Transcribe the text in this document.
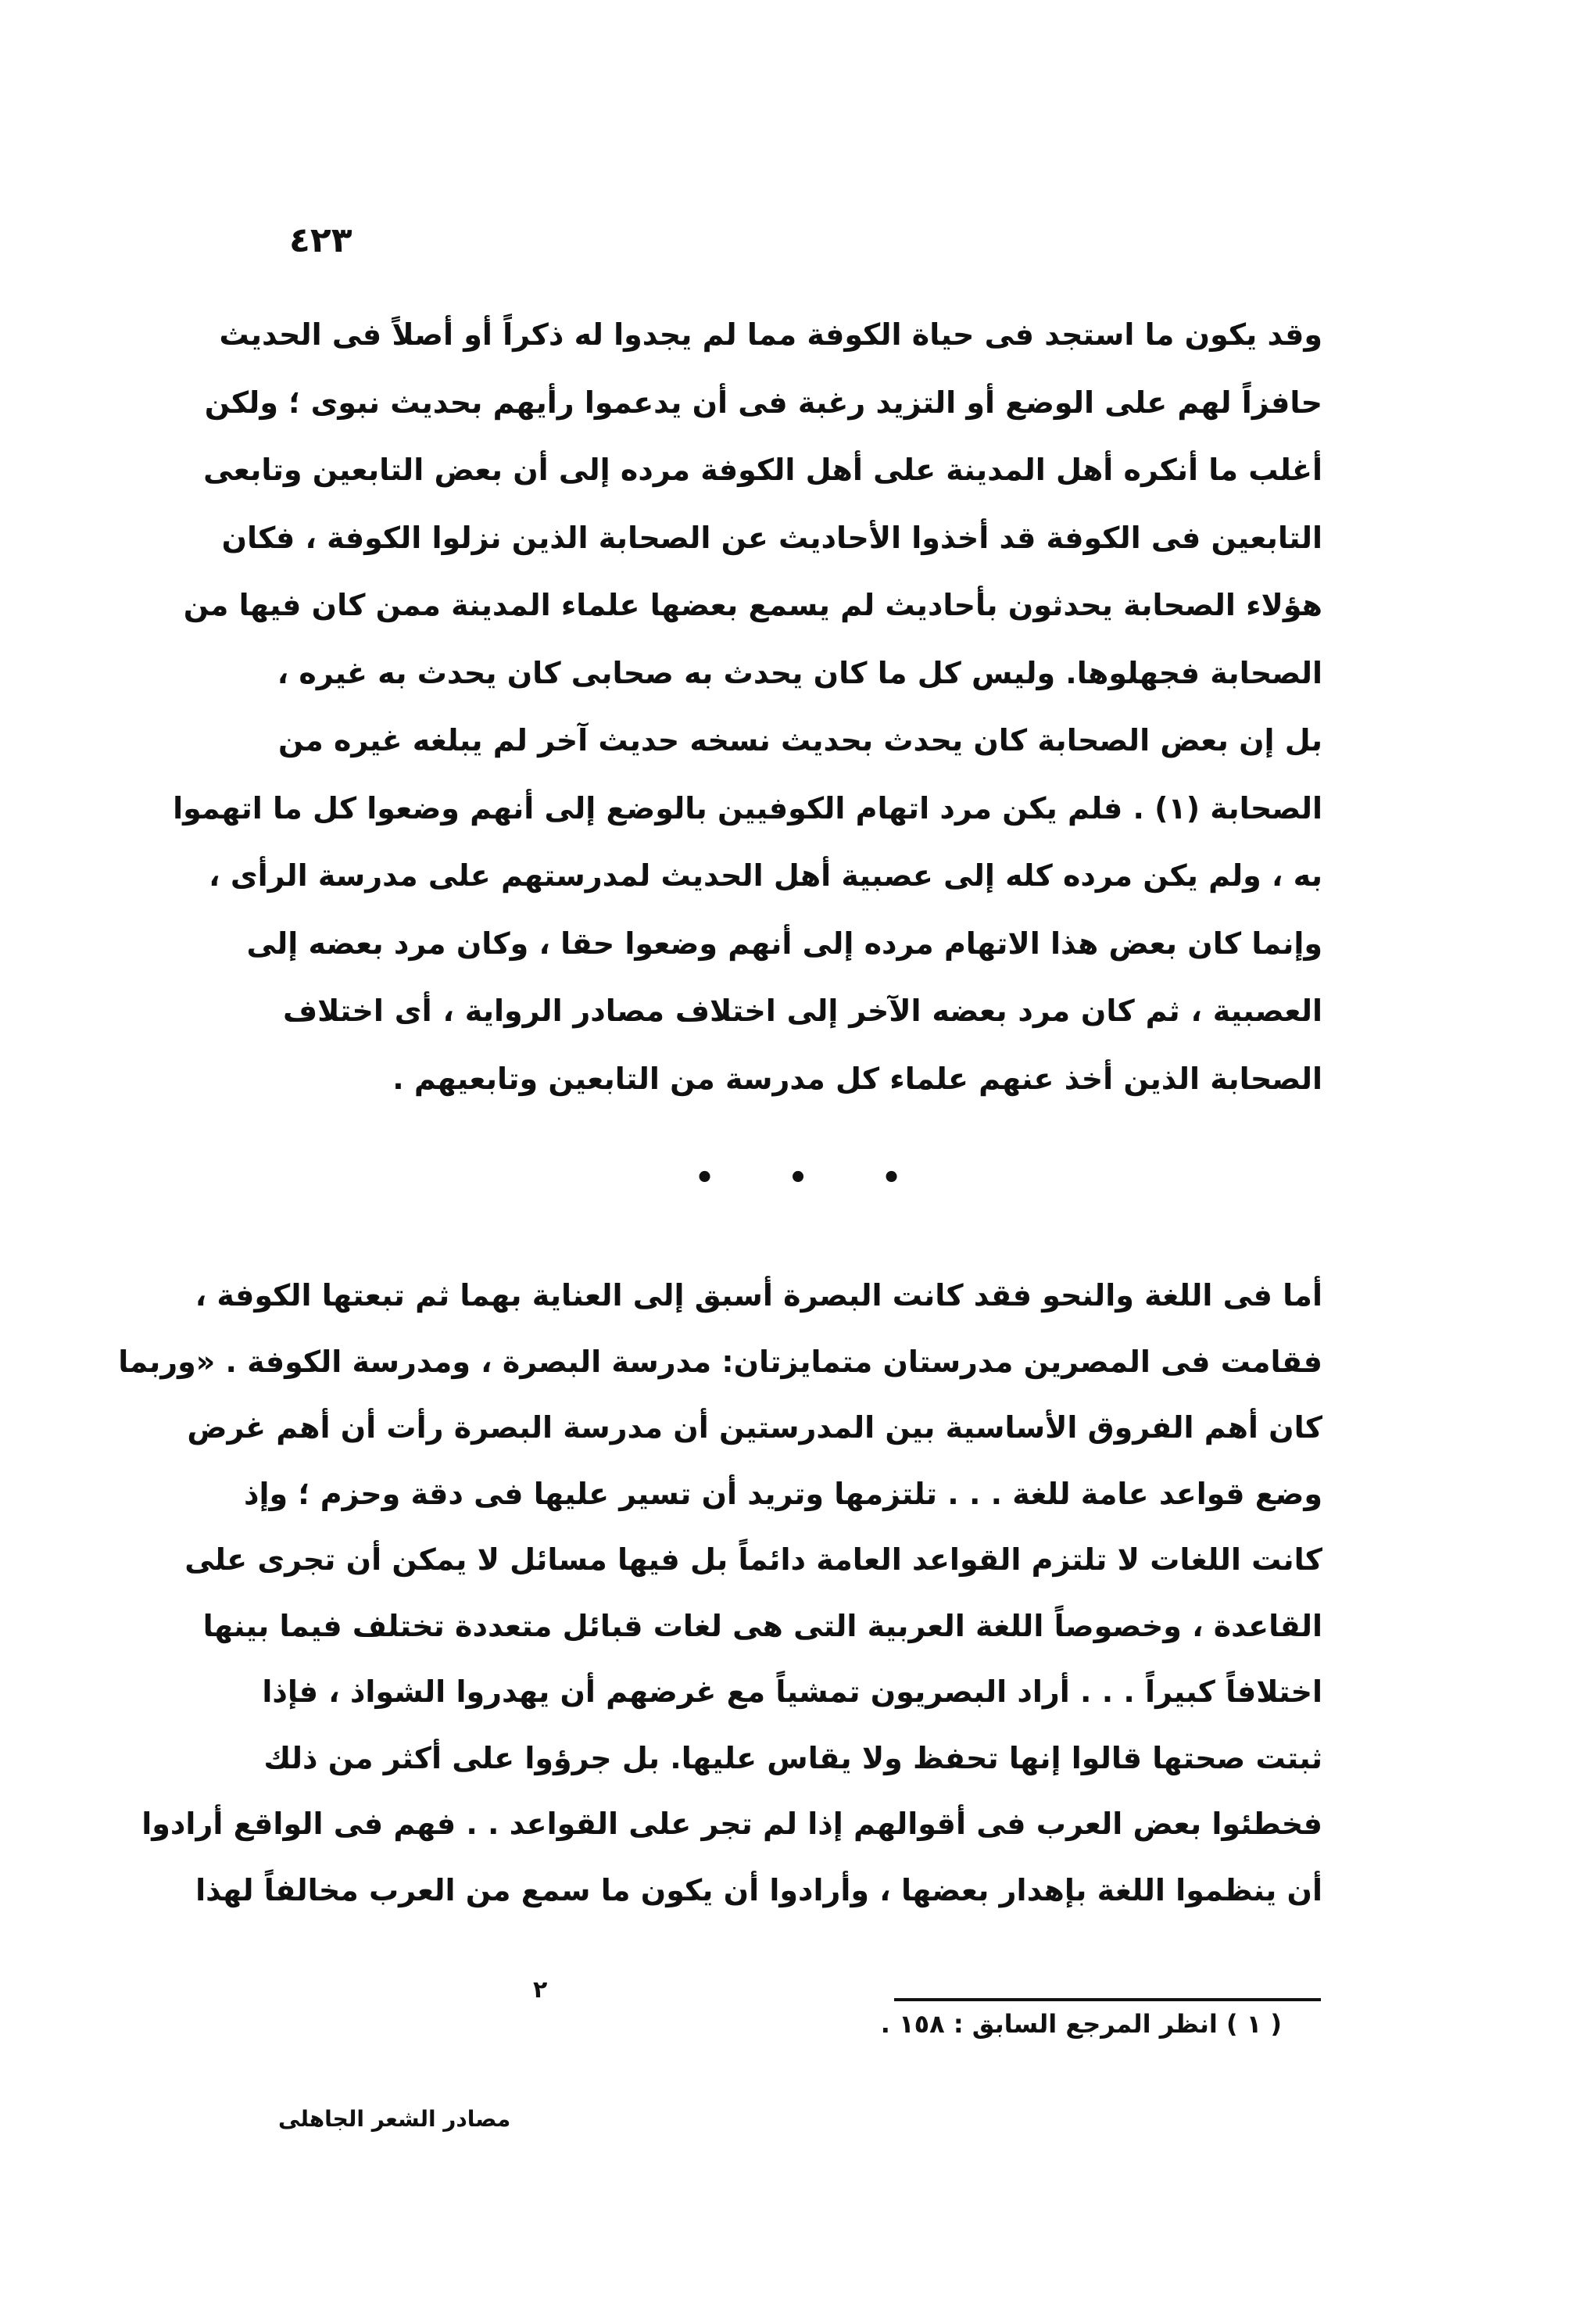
٤٢٣
وقد يكون ما استجد فى حياة الكوفة مما لم يجدوا له ذكراً أو أصلاً فى الحديث
حافزاً لهم على الوضع أو التزيد رغبة فى أن يدعموا رأيهم بحديث نبوى ؛ ولكن
أغلب ما أنكره أهل المدينة على أهل الكوفة مرده إلى أن بعض التابعين وتابعى
التابعين فى الكوفة قد أخذوا الأحاديث عن الصحابة الذين نزلوا الكوفة ، فكان
هؤلاء الصحابة يحدثون بأحاديث لم يسمع بعضها علماء المدينة ممن كان فيها من
الصحابة فجهلوها. وليس كل ما كان يحدث به صحابى كان يحدث به غيره ،
بل إن بعض الصحابة كان يحدث بحديث نسخه حديث آخر لم يبلغه غيره من
الصحابة (١) . فلم يكن مرد اتهام الكوفيين بالوضع إلى أنهم وضعوا كل ما اتهموا
به ، ولم يكن مرده كله إلى عصبية أهل الحديث لمدرستهم على مدرسة الرأى ،
وإنما كان بعض هذا الاتهام مرده إلى أنهم وضعوا حقا ، وكان مرد بعضه إلى
العصبية ، ثم كان مرد بعضه الآخر إلى اختلاف مصادر الرواية ، أى اختلاف
الصحابة الذين أخذ عنهم علماء كل مدرسة من التابعين وتابعيهم .
• • •
أما فى اللغة والنحو فقد كانت البصرة أسبق إلى العناية بهما ثم تبعتها الكوفة ،
فقامت فى المصرين مدرستان متمايزتان: مدرسة البصرة ، ومدرسة الكوفة . «وربما
كان أهم الفروق الأساسية بين المدرستين أن مدرسة البصرة رأت أن أهم غرض
وضع قواعد عامة للغة . . . تلتزمها وتريد أن تسير عليها فى دقة وحزم ؛ وإذ
كانت اللغات لا تلتزم القواعد العامة دائماً بل فيها مسائل لا يمكن أن تجرى على
القاعدة ، وخصوصاً اللغة العربية التى هى لغات قبائل متعددة تختلف فيما بينها
اختلافاً كبيراً . . . أراد البصريون تمشياً مع غرضهم أن يهدروا الشواذ ، فإذا
ثبتت صحتها قالوا إنها تحفظ ولا يقاس عليها. بل جرؤوا على أكثر من ذلك
فخطئوا بعض العرب فى أقوالهم إذا لم تجر على القواعد . . فهم فى الواقع أرادوا
أن ينظموا اللغة بإهدار بعضها ، وأرادوا أن يكون ما سمع من العرب مخالفاً لهذا
٢
( ١ ) انظر المرجع السابق : ١٥٨ .
مصادر الشعر الجاهلى
